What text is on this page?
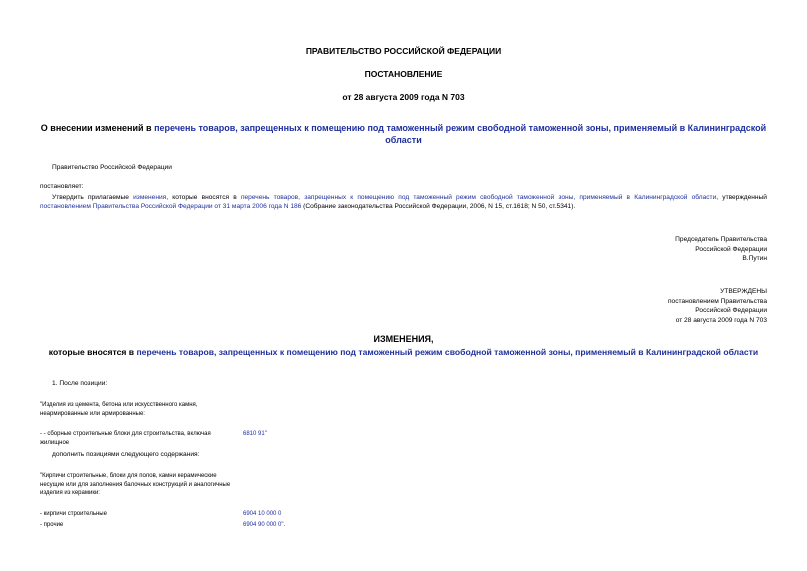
ПРАВИТЕЛЬСТВО РОССИЙСКОЙ ФЕДЕРАЦИИ
ПОСТАНОВЛЕНИЕ
от 28 августа 2009 года N 703
О внесении изменений в перечень товаров, запрещенных к помещению под таможенный режим свободной таможенной зоны, применяемый в Калининградской области
Правительство Российской Федерации
постановляет:
Утвердить прилагаемые изменения, которые вносятся в перечень товаров, запрещенных к помещению под таможенный режим свободной таможенной зоны, применяемый в Калининградской области, утвержденный постановлением Правительства Российской Федерации от 31 марта 2006 года N 186 (Собрание законодательства Российской Федерации, 2006, N 15, ст.1618; N 50, ст.5341).
Председатель Правительства
Российской Федерации
В.Путин
УТВЕРЖДЕНЫ
постановлением Правительства
Российской Федерации
от 28 августа 2009 года N 703
ИЗМЕНЕНИЯ,
которые вносятся в перечень товаров, запрещенных к помещению под таможенный режим свободной таможенной зоны, применяемый в Калининградской области
1. После позиции:
"Изделия из цемента, бетона или искусственного камня, неармированные или армированные:
- - сборные строительные блоки для строительства, включая жилищное
6810 91"
дополнить позициями следующего содержания:
"Кирпичи строительные, блоки для полов, камни керамические несущие или для заполнения балочных конструкций и аналогичные изделия из керамики:
- кирпичи строительные	6904 10 000 0
- прочие	6904 90 000 0".
